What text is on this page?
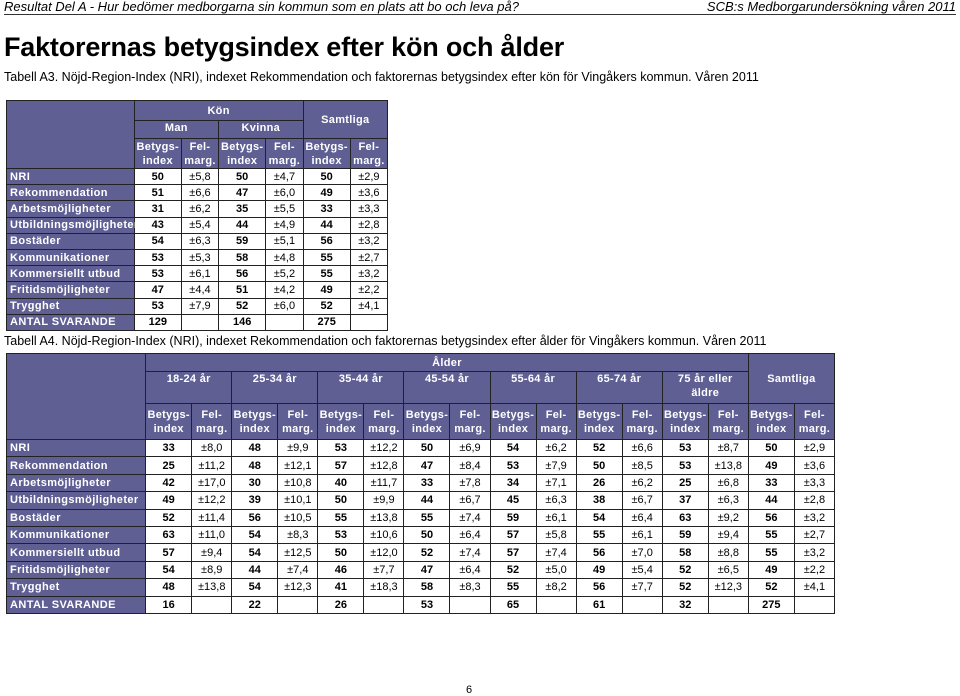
Resultat Del A - Hur bedömer medborgarna sin kommun som en plats att bo och leva på?	SCB:s Medborgarundersökning våren 2011
Faktorernas betygsindex efter kön och ålder
Tabell A3. Nöjd-Region-Index (NRI), indexet Rekommendation och faktorernas betygsindex efter kön för Vingåkers kommun. Våren 2011
	Kön				Samtliga	
	Man		Kvinna			
	Betygs-index	Fel-marg.	Betygs-index	Fel-marg.	Betygs-index	Fel-marg.
NRI	50	±5,8	50	±4,7	50	±2,9
Rekommendation	51	±6,6	47	±6,0	49	±3,6
Arbetsmöjligheter	31	±6,2	35	±5,5	33	±3,3
Utbildningsmöjligheter	43	±5,4	44	±4,9	44	±2,8
Bostäder	54	±6,3	59	±5,1	56	±3,2
Kommunikationer	53	±5,3	58	±4,8	55	±2,7
Kommersiellt utbud	53	±6,1	56	±5,2	55	±3,2
Fritidsmöjligheter	47	±4,4	51	±4,2	49	±2,2
Trygghet	53	±7,9	52	±6,0	52	±4,1
ANTAL SVARANDE	129		146		275	
Tabell A4. Nöjd-Region-Index (NRI), indexet Rekommendation och faktorernas betygsindex efter ålder för Vingåkers kommun. Våren 2011
	Ålder														Samtliga	
	18-24 år		25-34 år		35-44 år		45-54 år		55-64 år		65-74 år		75 år eller äldre			
	Betygs-index	Fel-marg.	Betygs-index	Fel-marg.	Betygs-index	Fel-marg.	Betygs-index	Fel-marg.	Betygs-index	Fel-marg.	Betygs-index	Fel-marg.	Betygs-index	Fel-marg.	Betygs-index	Fel-marg.
NRI	33	±8,0	48	±9,9	53	±12,2	50	±6,9	54	±6,2	52	±6,6	53	±8,7	50	±2,9
Rekommendation	25	±11,2	48	±12,1	57	±12,8	47	±8,4	53	±7,9	50	±8,5	53	±13,8	49	±3,6
Arbetsmöjligheter	42	±17,0	30	±10,8	40	±11,7	33	±7,8	34	±7,1	26	±6,2	25	±6,8	33	±3,3
Utbildningsmöjligheter	49	±12,2	39	±10,1	50	±9,9	44	±6,7	45	±6,3	38	±6,7	37	±6,3	44	±2,8
Bostäder	52	±11,4	56	±10,5	55	±13,8	55	±7,4	59	±6,1	54	±6,4	63	±9,2	56	±3,2
Kommunikationer	63	±11,0	54	±8,3	53	±10,6	50	±6,4	57	±5,8	55	±6,1	59	±9,4	55	±2,7
Kommersiellt utbud	57	±9,4	54	±12,5	50	±12,0	52	±7,4	57	±7,4	56	±7,0	58	±8,8	55	±3,2
Fritidsmöjligheter	54	±8,9	44	±7,4	46	±7,7	47	±6,4	52	±5,0	49	±5,4	52	±6,5	49	±2,2
Trygghet	48	±13,8	54	±12,3	41	±18,3	58	±8,3	55	±8,2	56	±7,7	52	±12,3	52	±4,1
ANTAL SVARANDE	16		22		26		53		65		61		32		275	
6
